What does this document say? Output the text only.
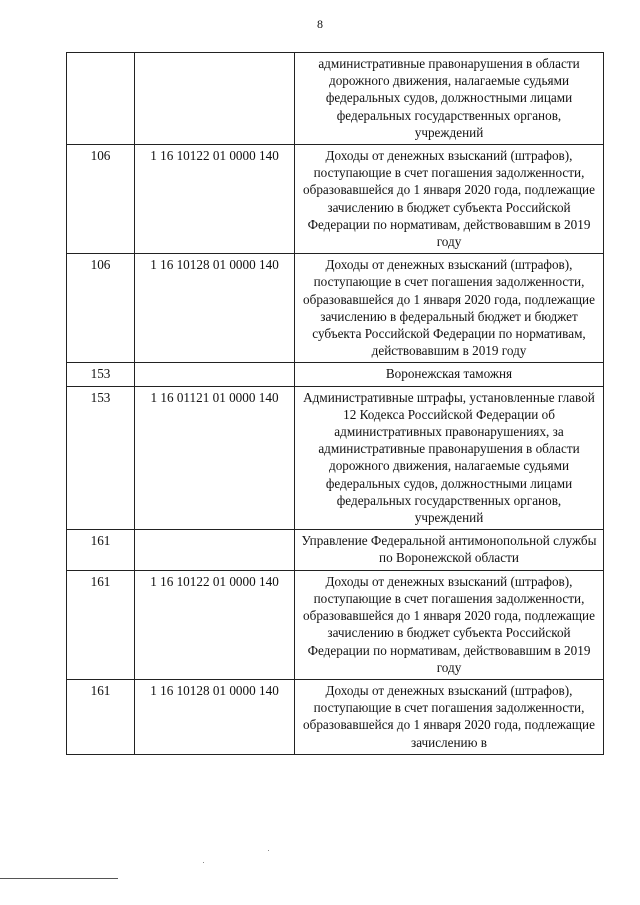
8
		административные правонарушения в области дорожного движения, налагаемые судьями федеральных судов, должностными лицами федеральных государственных органов, учреждений
106	1 16 10122 01 0000 140	Доходы от денежных взысканий (штрафов), поступающие в счет погашения задолженности, образовавшейся до 1 января 2020 года, подлежащие зачислению в бюджет субъекта Российской Федерации по нормативам, действовавшим в 2019 году
106	1 16 10128 01 0000 140	Доходы от денежных взысканий (штрафов), поступающие в счет погашения задолженности, образовавшейся до 1 января 2020 года, подлежащие зачислению в федеральный бюджет и бюджет субъекта Российской Федерации по нормативам, действовавшим в 2019 году
153		Воронежская таможня
153	1 16 01121 01 0000 140	Административные штрафы, установленные главой 12 Кодекса Российской Федерации об административных правонарушениях, за административные правонарушения в области дорожного движения, налагаемые судьями федеральных судов, должностными лицами федеральных государственных органов, учреждений
161		Управление Федеральной антимонопольной службы по Воронежской области
161	1 16 10122 01 0000 140	Доходы от денежных взысканий (штрафов), поступающие в счет погашения задолженности, образовавшейся до 1 января 2020 года, подлежащие зачислению в бюджет субъекта Российской Федерации по нормативам, действовавшим в 2019 году
161	1 16 10128 01 0000 140	Доходы от денежных взысканий (штрафов), поступающие в счет погашения задолженности, образовавшейся до 1 января 2020 года, подлежащие зачислению в
